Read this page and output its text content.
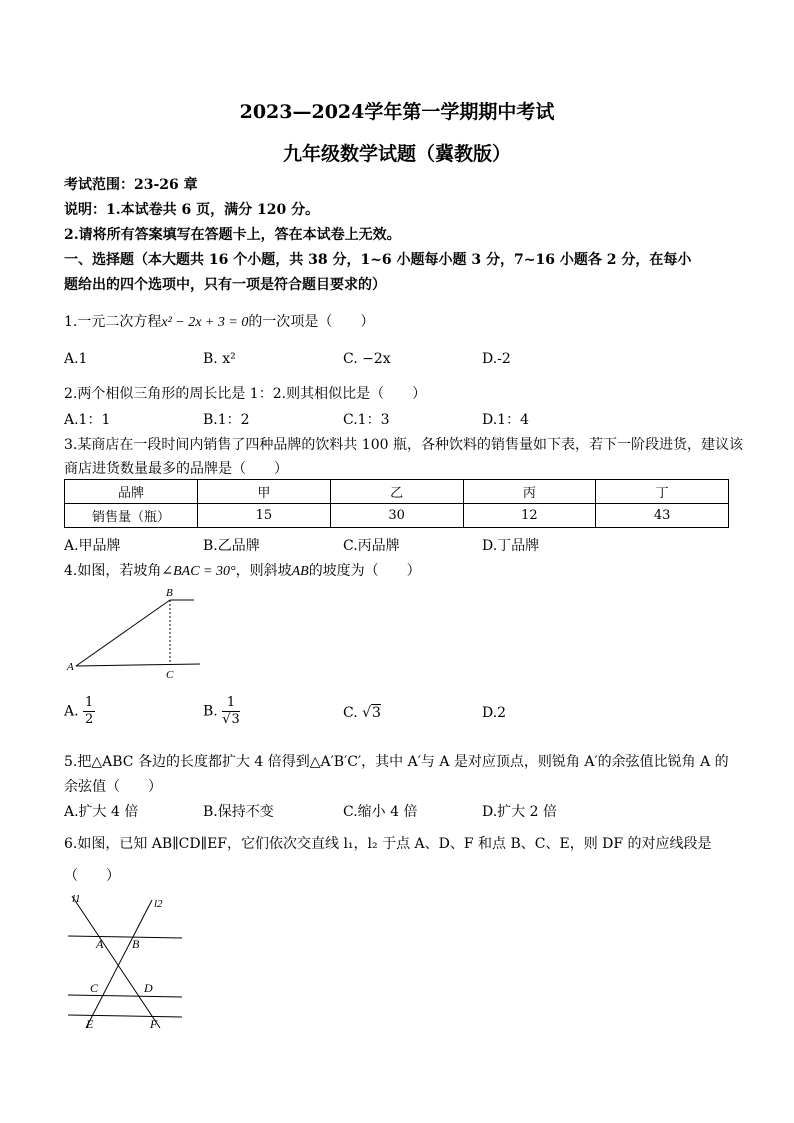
2023—2024学年第一学期期中考试
九年级数学试题（冀教版）
考试范围：23-26 章
说明：1.本试卷共 6 页，满分 120 分。
2.请将所有答案填写在答题卡上，答在本试卷上无效。
一、选择题（本大题共 16 个小题，共 38 分，1~6 小题每小题 3 分，7~16 小题各 2 分，在每小
题给出的四个选项中，只有一项是符合题目要求的）
1.一元二次方程x² − 2x + 3 = 0的一次项是（　　）
A.1	B. x²	C. −2x	D.-2
2.两个相似三角形的周长比是 1：2.则其相似比是（　　）
A.1：1	B.1：2	C.1：3	D.1：4
3.某商店在一段时间内销售了四种品牌的饮料共 100 瓶，各种饮料的销售量如下表，若下一阶段进货，建议该
商店进货数量最多的品牌是（　　）
品牌	甲	乙	丙	丁
销售量（瓶）	15	30	12	43
A.甲品牌	B.乙品牌	C.丙品牌	D.丁品牌
4.如图，若坡角∠BAC = 30°，则斜坡AB的坡度为（　　）
A
B
C
A. $\frac{1}{2}$	B. $\frac{1}{√3}$	C. √3	D.2
5.把△ABC 各边的长度都扩大 4 倍得到△A′B′C′，其中 A′与 A 是对应顶点，则锐角 A′的余弦值比锐角 A 的
余弦值（　　）
A.扩大 4 倍	B.保持不变	C.缩小 4 倍	D.扩大 2 倍
6.如图，已知 AB∥CD∥EF，它们依次交直线 l₁，l₂ 于点 A、D、F 和点 B、C、E，则 DF 的对应线段是
（　　）
l1	l2
A B
C	D
E	F
